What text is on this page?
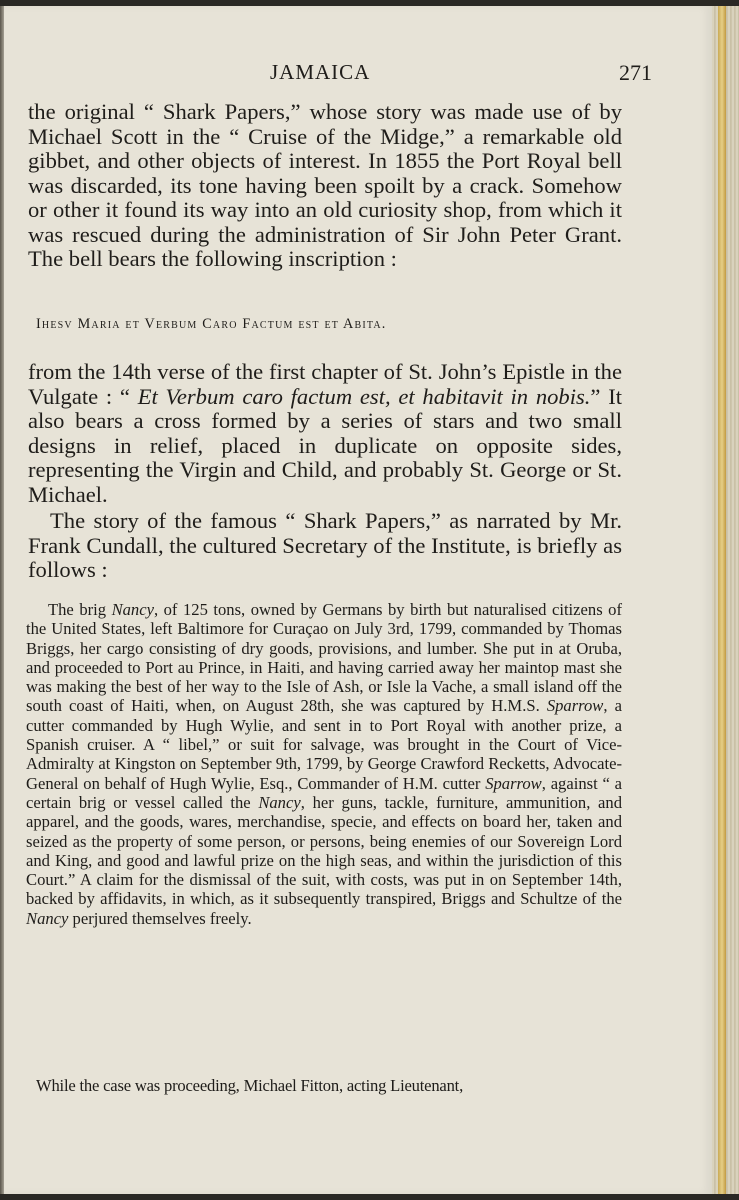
JAMAICA	271

the original “ Shark Papers,” whose story was made use of by Michael Scott in the “ Cruise of the Midge,” a remarkable old gibbet, and other objects of interest. In 1855 the Port Royal bell was discarded, its tone having been spoilt by a crack. Somehow or other it found its way into an old curiosity shop, from which it was rescued during the administration of Sir John Peter Grant. The bell bears the following inscription :

Ihesv Maria et Verbum Caro Factum est et Abita.

from the 14th verse of the first chapter of St. John’s Epistle in the Vulgate : “ Et Verbum caro factum est, et habitavit in nobis.” It also bears a cross formed by a series of stars and two small designs in relief, placed in duplicate on opposite sides, representing the Virgin and Child, and probably St. George or St. Michael.

The story of the famous “ Shark Papers,” as narrated by Mr. Frank Cundall, the cultured Secretary of the Institute, is briefly as follows :

The brig Nancy, of 125 tons, owned by Germans by birth but naturalised citizens of the United States, left Baltimore for Curaçao on July 3rd, 1799, commanded by Thomas Briggs, her cargo consisting of dry goods, provisions, and lumber. She put in at Oruba, and proceeded to Port au Prince, in Haiti, and having carried away her maintop mast she was making the best of her way to the Isle of Ash, or Isle la Vache, a small island off the south coast of Haiti, when, on August 28th, she was captured by H.M.S. Sparrow, a cutter commanded by Hugh Wylie, and sent in to Port Royal with another prize, a Spanish cruiser. A “ libel,” or suit for salvage, was brought in the Court of Vice-Admiralty at Kingston on September 9th, 1799, by George Crawford Recketts, Advocate-General on behalf of Hugh Wylie, Esq., Commander of H.M. cutter Sparrow, against “ a certain brig or vessel called the Nancy, her guns, tackle, furniture, ammunition, and apparel, and the goods, wares, merchandise, specie, and effects on board her, taken and seized as the property of some person, or persons, being enemies of our Sovereign Lord and King, and good and lawful prize on the high seas, and within the jurisdiction of this Court.” A claim for the dismissal of the suit, with costs, was put in on September 14th, backed by affidavits, in which, as it subsequently transpired, Briggs and Schultze of the Nancy perjured themselves freely.

While the case was proceeding, Michael Fitton, acting Lieutenant,
